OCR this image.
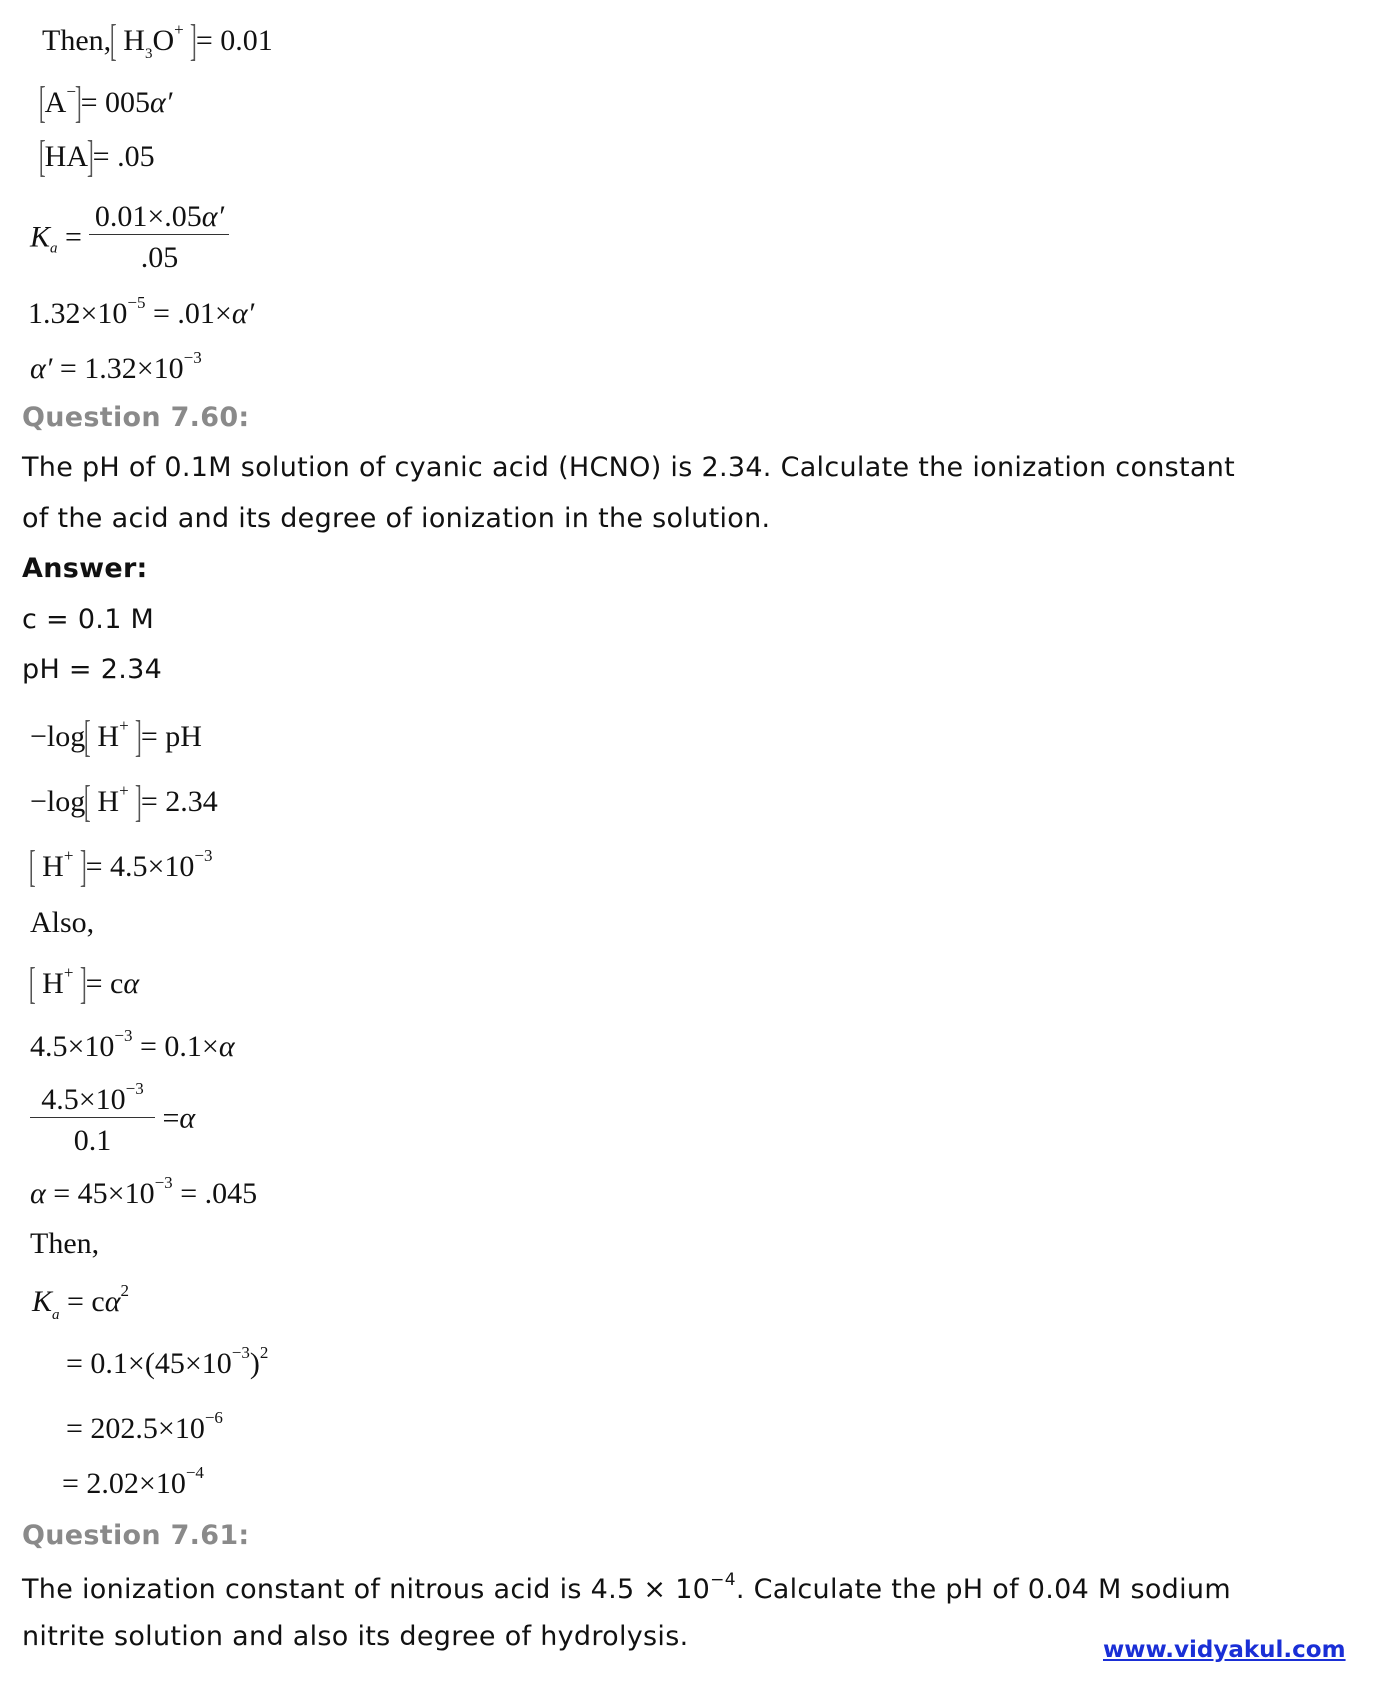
Then,[ $H_3O^+$ ]= 0.01
[A−]= 005α′
[HA]= .05
$K_a = \frac{0.01\times.05\alpha'}{.05}$
$1.32\times 10^{-5} = .01\times\alpha'$
$\alpha' = 1.32\times 10^{-3}$
Question 7.60:
The pH of 0.1M solution of cyanic acid (HCNO) is 2.34. Calculate the ionization constant
of the acid and its degree of ionization in the solution.
Answer:
c = 0.1 M
pH = 2.34
−log[ H+ ]= pH
−log[ H+ ]= 2.34
[ H+ ]= $4.5\times 10^{-3}$
Also,
[ H+ ]= cα
$4.5\times 10^{-3} = 0.1\times\alpha$
$\frac{4.5\times 10^{-3}}{0.1} =\alpha$
$\alpha = 45\times 10^{-3} = .045$
Then,
$K_a = c\alpha^2$
= $0.1\times(45\times 10^{-3})^2$
= $202.5\times 10^{-6}$
= $2.02\times 10^{-4}$
Question 7.61:
The ionization constant of nitrous acid is $4.5 \times 10^{-4}$. Calculate the pH of 0.04 M sodium
nitrite solution and also its degree of hydrolysis.	www.vidyakul.com
